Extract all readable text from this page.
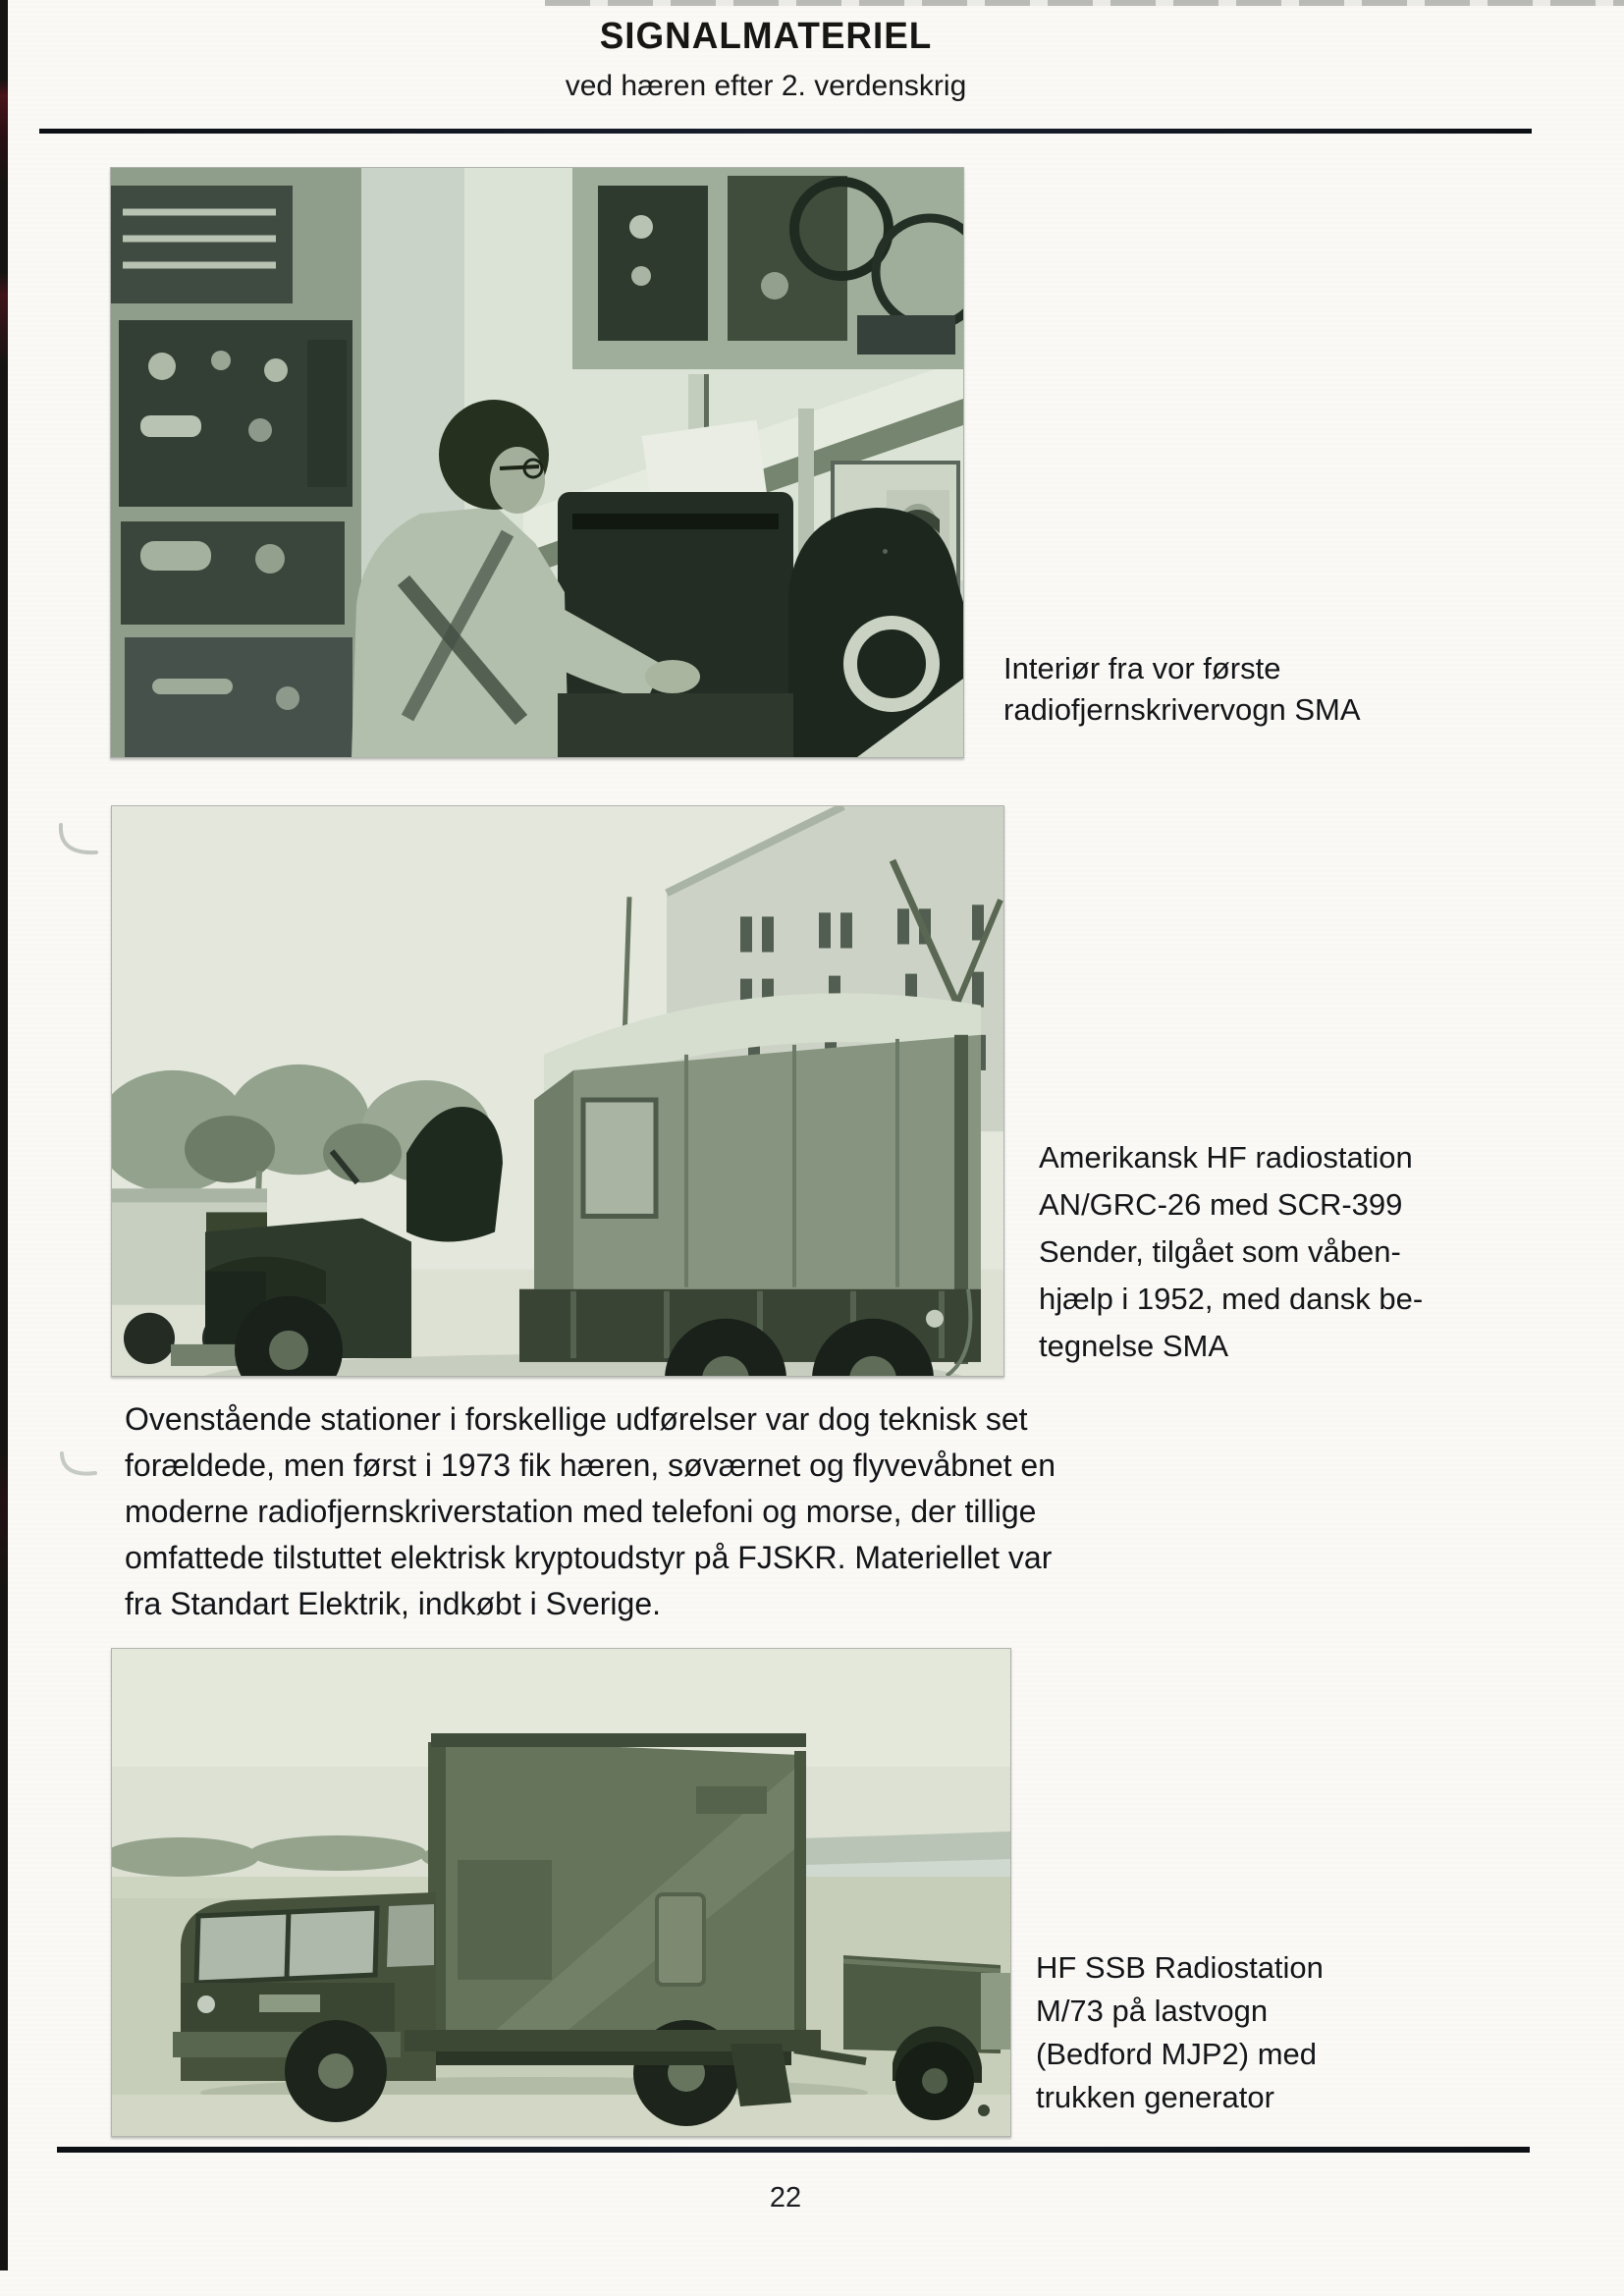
SIGNALMATERIEL
ved hæren efter 2. verdenskrig
Interiør fra vor første
radiofjernskrivervogn SMA
Amerikansk HF radiostation
AN/GRC-26 med SCR-399
Sender, tilgået som våben-
hjælp i 1952, med dansk be-
tegnelse SMA
Ovenstående stationer i forskellige udførelser var dog teknisk set
forældede, men først i 1973 fik hæren, søværnet og flyvevåbnet en
moderne radiofjernskriverstation med telefoni og morse, der tillige
omfattede tilstuttet elektrisk kryptoudstyr på FJSKR. Materiellet var
fra Standart Elektrik, indkøbt i Sverige.
HF SSB Radiostation
M/73 på lastvogn
(Bedford MJP2) med
trukken generator
22
